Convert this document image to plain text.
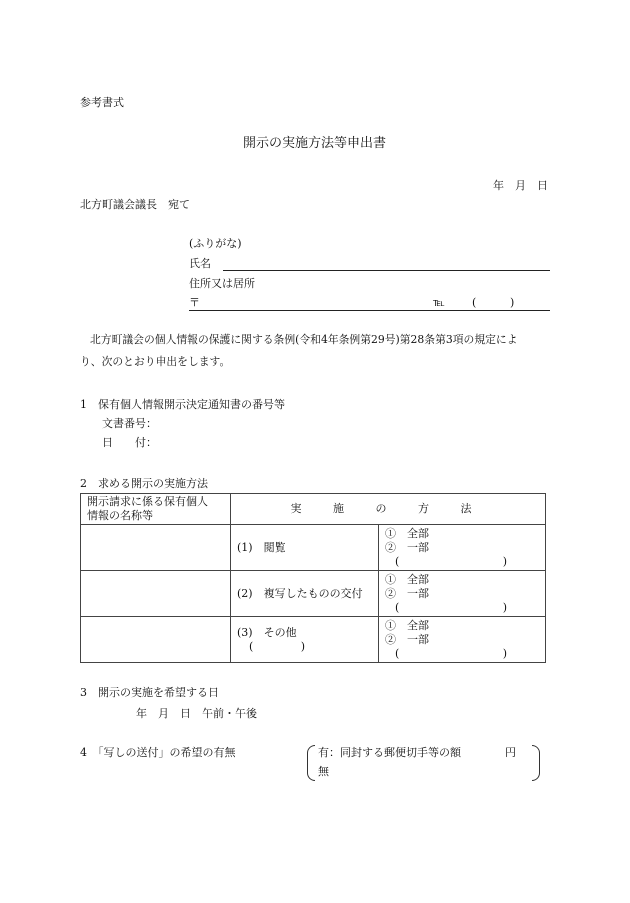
参考書式
開示の実施方法等申出書
年　月　日
北方町議会議長　宛て
(ふりがな)
氏名
住所又は居所
〒	℡ (	)
北方町議会の個人情報の保護に関する条例(令和4年条例第29号)第28条第3項の規定によ
り、次のとおり申出をします。
1　保有個人情報開示決定通知書の番号等
文書番号：
日　　付：
2　求める開示の実施方法
開示請求に係る保有個人
情報の名称等	実 施 の 方 法	
	(1)　閲覧	①　全部
②　一部
( )

	(2)　複写したものの交付	①　全部
②　一部
( )

	(3)　その他
( )	①　全部
②　一部
( )
3　開示の実施を希望する日
年　月　日　午前・午後
4　「写しの送付」の希望の有無	有：同封する郵便切手等の額	円
無
